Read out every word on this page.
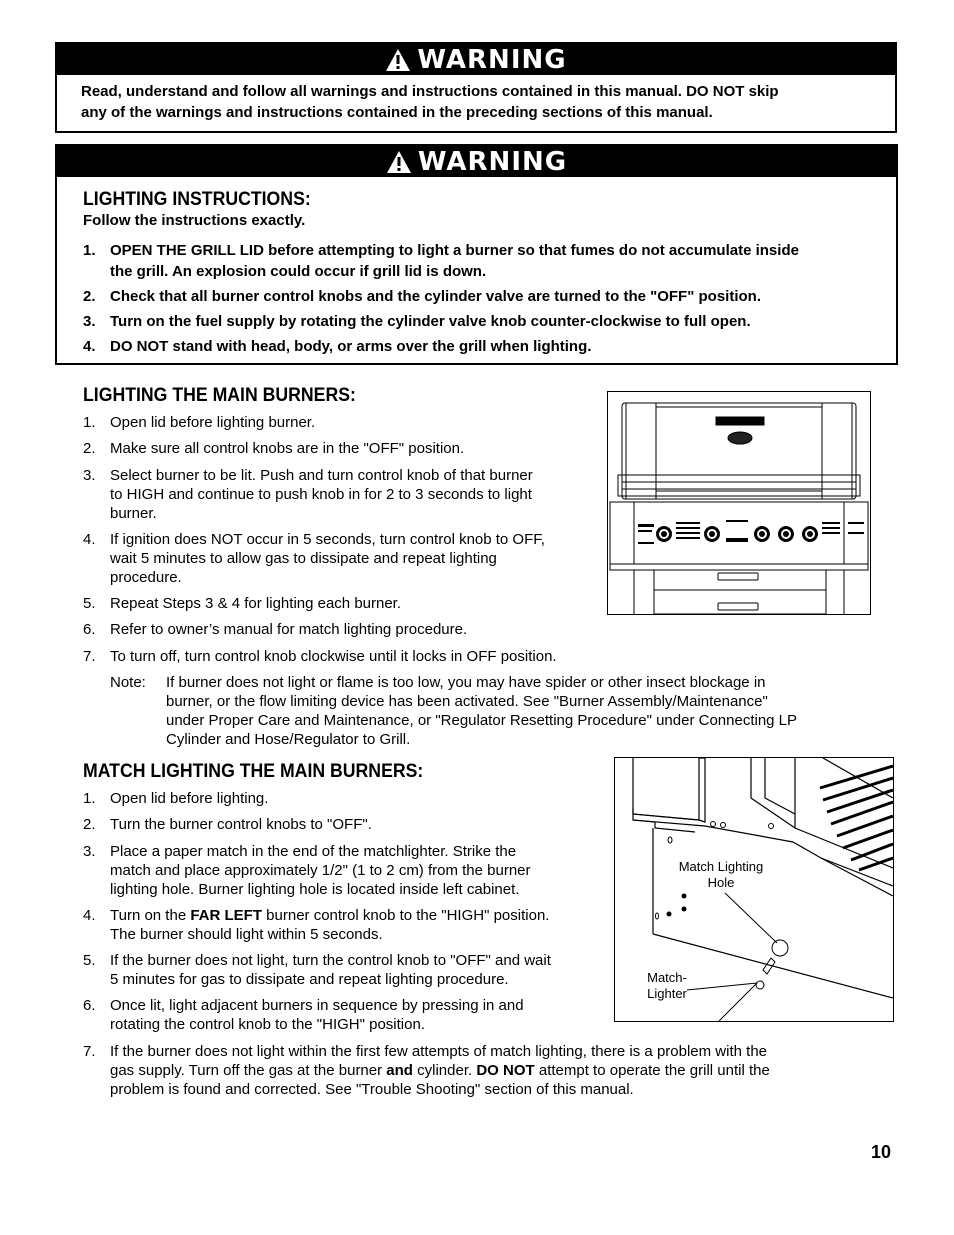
WARNING
Read, understand and follow all warnings and instructions contained in this manual. DO NOT skip
any of the warnings and instructions contained in the preceding sections of this manual.
WARNING
LIGHTING INSTRUCTIONS:
Follow the instructions exactly.
1. OPEN THE GRILL LID before attempting to light a burner so that fumes do not accumulate inside
the grill. An explosion could occur if grill lid is down.
2. Check that all burner control knobs and the cylinder valve are turned to the "OFF" position.
3. Turn on the fuel supply by rotating the cylinder valve knob counter-clockwise to full open.
4. DO NOT stand with head, body, or arms over the grill when lighting.
LIGHTING THE MAIN BURNERS:
1. Open lid before lighting burner.
2. Make sure all control knobs are in the "OFF" position.
3. Select burner to be lit. Push and turn control knob of that burner
to HIGH and continue to push knob in for 2 to 3 seconds to light
burner.
4. If ignition does NOT occur in 5 seconds, turn control knob to OFF,
wait 5 minutes to allow gas to dissipate and repeat lighting
procedure.
5. Repeat Steps 3 & 4 for lighting each burner.
6. Refer to owner’s manual for match lighting procedure.
7. To turn off, turn control knob clockwise until it locks in OFF position.
Note: If burner does not light or flame is too low, you may have spider or other insect blockage in
burner, or the flow limiting device has been activated. See "Burner Assembly/Maintenance"
under Proper Care and Maintenance, or "Regulator Resetting Procedure" under Connecting LP
Cylinder and Hose/Regulator to Grill.
MATCH LIGHTING THE MAIN BURNERS:
1. Open lid before lighting.
2. Turn the burner control knobs to "OFF".
3. Place a paper match in the end of the matchlighter. Strike the
match and place approximately 1/2" (1 to 2 cm) from the burner
lighting hole. Burner lighting hole is located inside left cabinet.
5. If the burner does not light, turn the control knob to "OFF" and wait
5 minutes for gas to dissipate and repeat lighting procedure.
6. Once lit, light adjacent burners in sequence by pressing in and
rotating the control knob to the "HIGH" position.
4. Turn on the FAR LEFT burner control knob to the "HIGH" position.
The burner should light within 5 seconds.
7. If the burner does not light within the first few attempts of match lighting, there is a problem with the
gas supply. Turn off the gas at the burner and cylinder. DO NOT attempt to operate the grill until the
problem is found and corrected. See "Trouble Shooting" section of this manual.
Match Lighting
Hole
Match-
Lighter
10
